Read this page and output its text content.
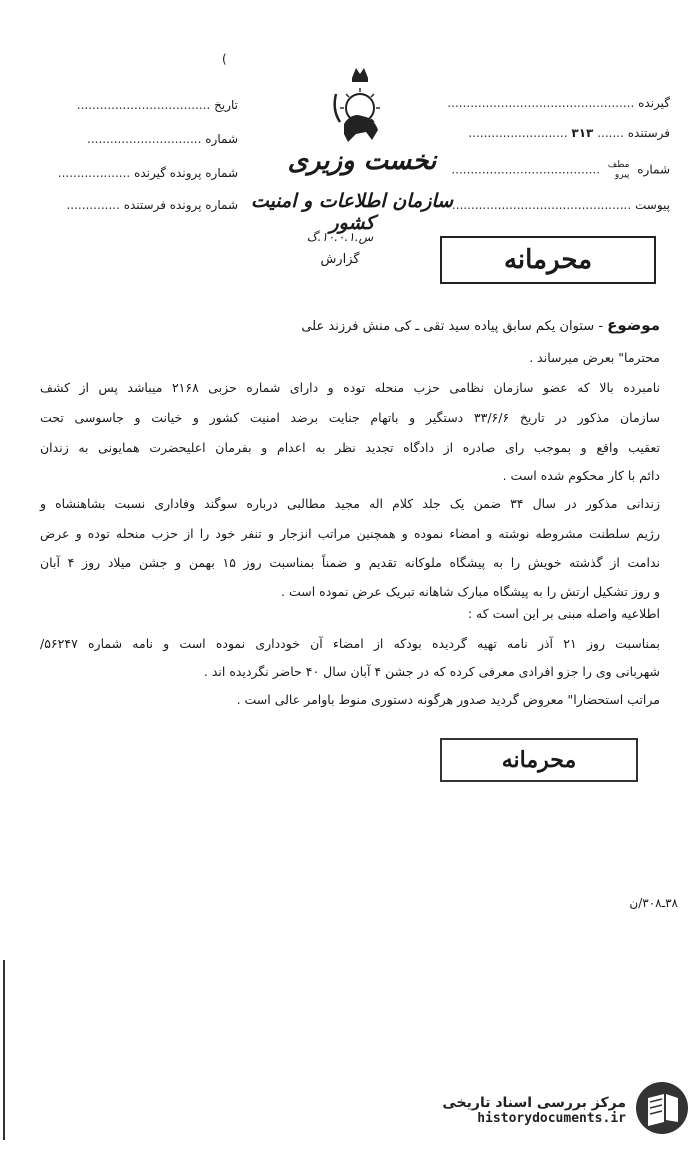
(
گیرنده .................................................
فرستنده ....... ۳۱۳ ..........................
شماره مطف
پیرو .......................................
پیوست ...............................................
تاریخ ...................................
شماره ..............................
شماره پرونده گیرنده ...................
شماره پرونده فرستنده ..............
نخست وزیری
سازمان اطلاعات و امنیت کشور
س.۱۰.۰.۱.گ
گزارش	محرمانه
موضوع - ستوان یکم سابق پیاده سید تقی ـ کی منش فرزند علی
محترما" بعرض میرساند .
نامبرده بالا که عضو سازمان نظامی حزب منحله توده و دارای شماره حزبی ۲۱۶۸ میباشد پس از کشف
سازمان مذکور در تاریخ ۳۳/۶/۶ دستگیر و باتهام جنایت برضد امنیت کشور و خیانت و جاسوسی تحت
تعقیب واقع و بموجب رای صادره از دادگاه تجدید نظر به اعدام و بفرمان اعلیحضرت همایونی به زندان
دائم با کار محکوم شده است .
زندانی مذکور در سال ۳۴ ضمن یک جلد کلام اله مجید مطالبی درباره سوگند وفاداری نسبت بشاهنشاه و
رژیم سلطنت مشروطه نوشته و امضاء نموده و همچنین مراتب انزجار و تنفر خود را از حزب منحله توده و عرض
ندامت از گذشته خویش را به پیشگاه ملوکانه تقدیم و ضمناً بمناسبت روز ۱۵ بهمن و جشن میلاد روز ۴ آبان
و روز تشکیل ارتش را به پیشگاه مبارک شاهانه تبریک عرض نموده است .
اطلاعیه واصله مبنی بر این است که :
بمناسبت روز ۲۱ آذر نامه تهیه گردیده بودکه از امضاء آن خودداری نموده است و نامه شماره ۵۶۲۴۷/
شهربانی وی را جزو افرادی معرفی کرده که در جشن ۴ آبان سال ۴۰ حاضر نگردیده اند .
مراتب استحضارا" معروض گردید صدور هرگونه دستوری منوط باوامر عالی است .
محرمانه
۳۸ـ۳۰۸/ن
مرکز بررسی اسناد تاریخی
historydocuments.ir
